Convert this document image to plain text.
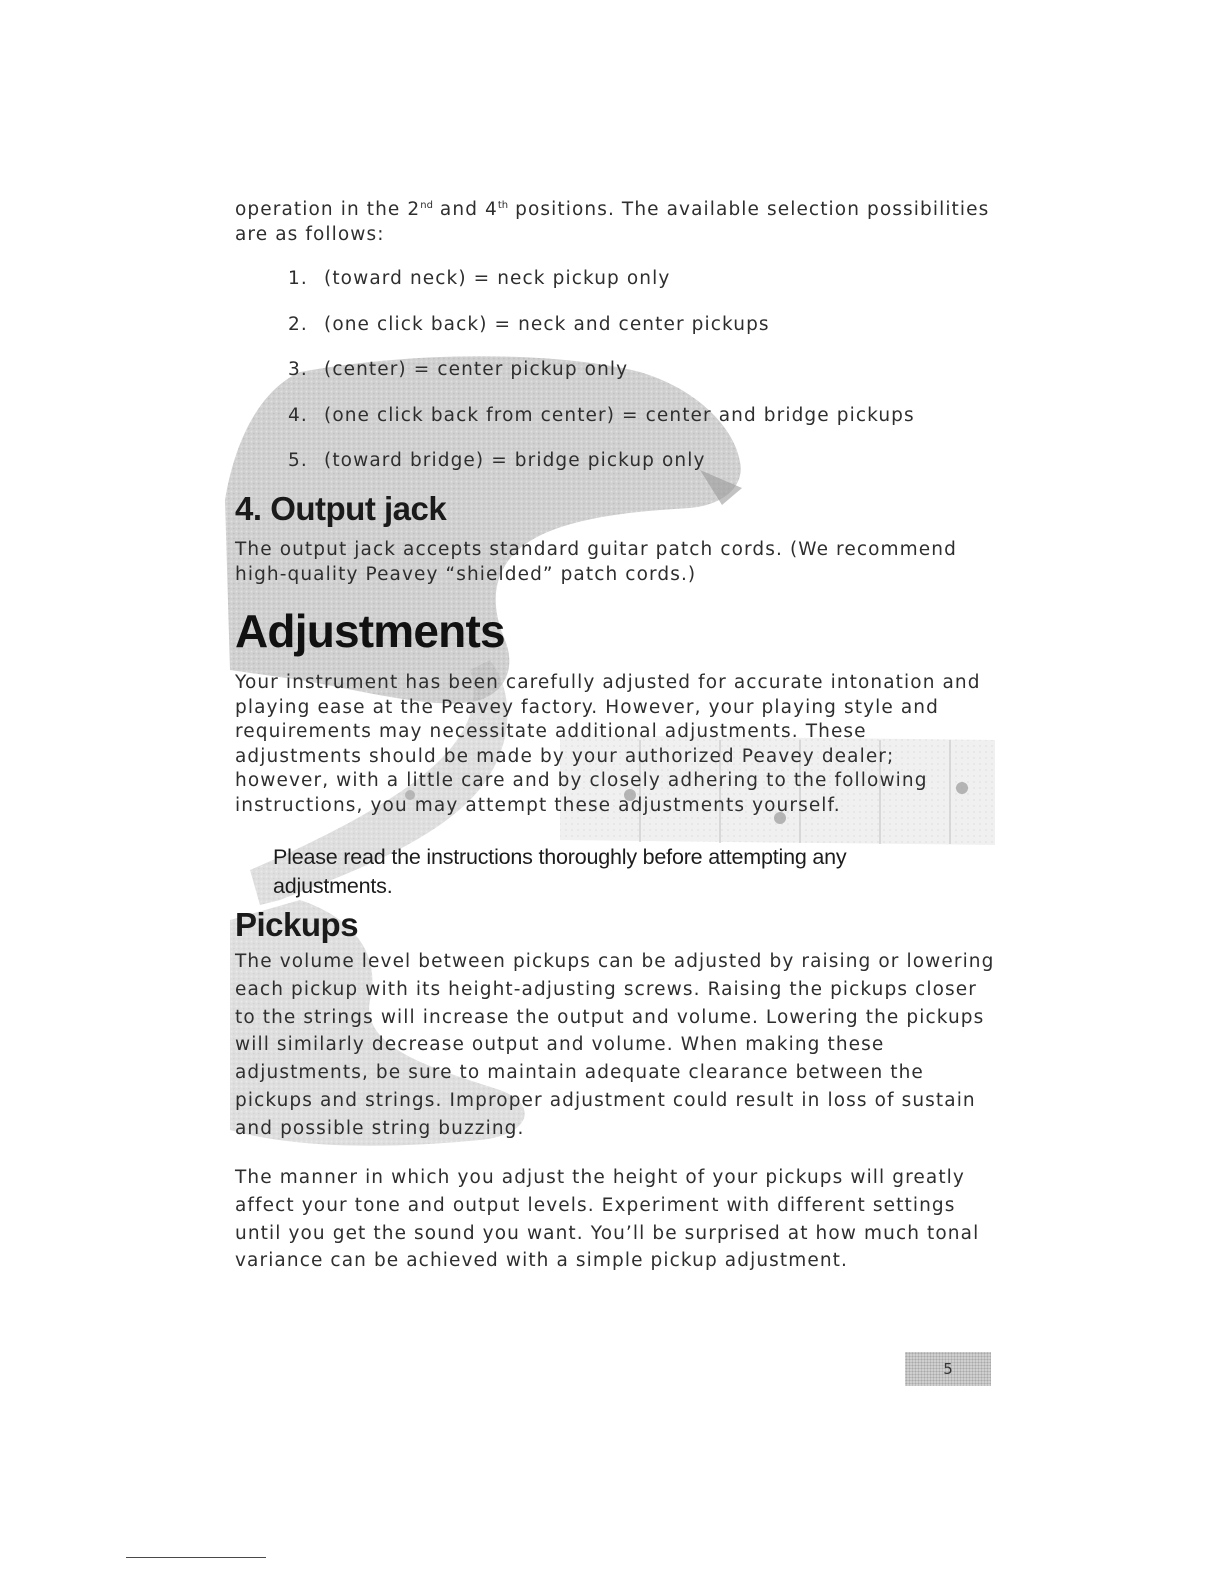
operation in the 2nd and 4th positions. The available selection possibilities are as follows:
1. (toward neck) = neck pickup only
2. (one click back) = neck and center pickups
3. (center) = center pickup only
4. (one click back from center) = center and bridge pickups
5. (toward bridge) = bridge pickup only
4. Output jack
The output jack accepts standard guitar patch cords. (We recommend high-quality Peavey “shielded” patch cords.)
Adjustments
Your instrument has been carefully adjusted for accurate intonation and playing ease at the Peavey factory. However, your playing style and requirements may necessitate additional adjustments. These adjustments should be made by your authorized Peavey dealer; however, with a little care and by closely adhering to the following instructions, you may attempt these adjustments yourself.
Please read the instructions thoroughly before attempting any adjustments.
Pickups
The volume level between pickups can be adjusted by raising or lowering each pickup with its height-adjusting screws. Raising the pickups closer to the strings will increase the output and volume. Lowering the pickups will similarly decrease output and volume. When making these adjustments, be sure to maintain adequate clearance between the pickups and strings. Improper adjustment could result in loss of sustain and possible string buzzing.
The manner in which you adjust the height of your pickups will greatly affect your tone and output levels. Experiment with different settings until you get the sound you want. You’ll be surprised at how much tonal variance can be achieved with a simple pickup adjustment.
5
